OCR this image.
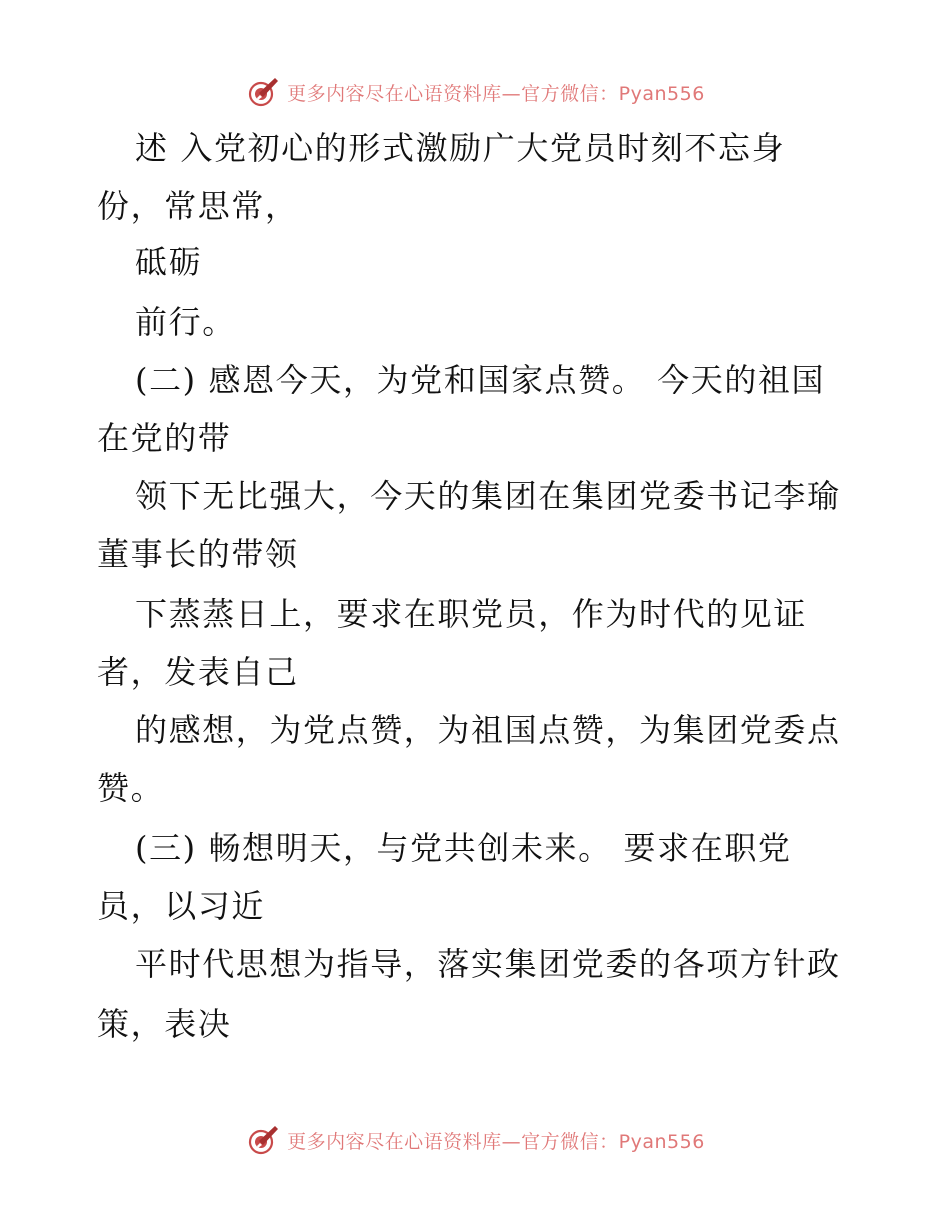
更多内容尽在心语资料库—官方微信：Pyan556
述 入党初心的形式激励广大党员时刻不忘身
份，常思常，
砥砺
前行。
(二) 感恩今天，为党和国家点赞。 今天的祖国
在党的带
领下无比强大，今天的集团在集团党委书记李瑜
董事长的带领
下蒸蒸日上，要求在职党员，作为时代的见证
者，发表自己
的感想，为党点赞，为祖国点赞，为集团党委点
赞。
(三) 畅想明天，与党共创未来。 要求在职党
员，以习近
平时代思想为指导，落实集团党委的各项方针政
策，表决
更多内容尽在心语资料库—官方微信：Pyan556
